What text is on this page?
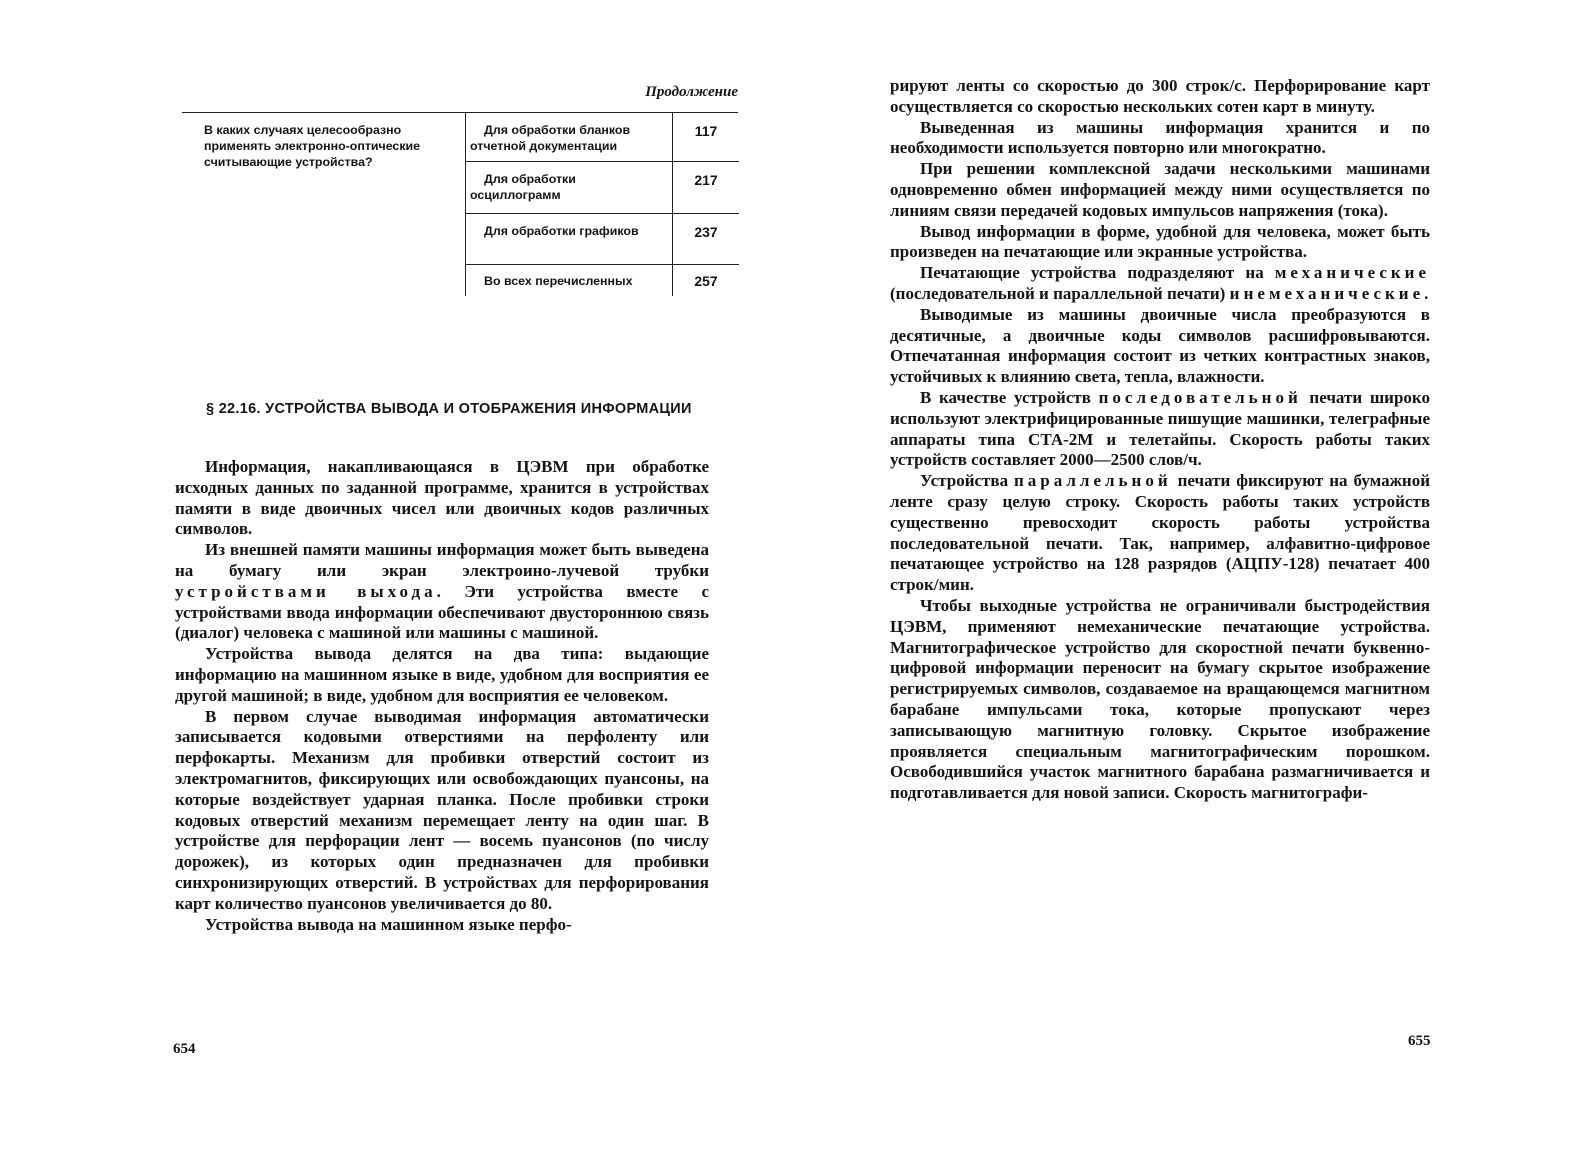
Продолжение
В каких случаях целесообразно применять электронно-оптические считывающие устройства?
Для обработки бланков отчетной документации
117
Для обработки осциллограмм
217
Для обработки графиков	237
Во всех перечисленных	257
§ 22.16. УСТРОЙСТВА ВЫВОДА И ОТОБРАЖЕНИЯ ИНФОРМАЦИИ

Информация, накапливающаяся в ЦЭВМ при обработке исходных данных по заданной программе, хранится в устройствах памяти в виде двоичных чисел или двоичных кодов различных символов.

Из внешней памяти машины информация может быть выведена на бумагу или экран электроино-лучевой трубки устройствами выхода. Эти устройства вместе с устройствами ввода информации обеспечивают двустороннюю связь (диалог) человека с машиной или машины с машиной.

Устройства вывода делятся на два типа: выдающие информацию на машинном языке в виде, удобном для восприятия ее другой машиной; в виде, удобном для восприятия ее человеком.

В первом случае выводимая информация автоматически записывается кодовыми отверстиями на перфоленту или перфокарты. Механизм для пробивки отверстий состоит из электромагнитов, фиксирующих или освобождающих пуансоны, на которые воздействует ударная планка. После пробивки строки кодовых отверстий механизм перемещает ленту на один шаг. В устройстве для перфорации лент — восемь пуансонов (по числу дорожек), из которых один предназначен для пробивки синхронизирующих отверстий. В устройствах для перфорирования карт количество пуансонов увеличивается до 80.

Устройства вывода на машинном языке перфо-

654

рируют ленты со скоростью до 300 строк/с. Перфорирование карт осуществляется со скоростью нескольких сотен карт в минуту.

Выведенная из машины информация хранится и по необходимости используется повторно или многократно.

При решении комплексной задачи несколькими машинами одновременно обмен информацией между ними осуществляется по линиям связи передачей кодовых импульсов напряжения (тока).

Вывод информации в форме, удобной для человека, может быть произведен на печатающие или экранные устройства.

Печатающие устройства подразделяют на механические (последовательной и параллельной печати) и немеханические.

Выводимые из машины двоичные числа преобразуются в десятичные, а двоичные коды символов расшифровываются. Отпечатанная информация состоит из четких контрастных знаков, устойчивых к влиянию света, тепла, влажности.

В качестве устройств последовательной печати широко используют электрифицированные пишущие машинки, телеграфные аппараты типа СТА-2М и телетайпы. Скорость работы таких устройств составляет 2000—2500 слов/ч.

Устройства параллельной печати фиксируют на бумажной ленте сразу целую строку. Скорость работы таких устройств существенно превосходит скорость работы устройства последовательной печати. Так, например, алфавитно-цифровое печатающее устройство на 128 разрядов (АЦПУ-128) печатает 400 строк/мин.

Чтобы выходные устройства не ограничивали быстродействия ЦЭВМ, применяют немеханические печатающие устройства. Магнитографическое устройство для скоростной печати буквенно-цифровой информации переносит на бумагу скрытое изображение регистрируемых символов, создаваемое на вращающемся магнитном барабане импульсами тока, которые пропускают через записывающую магнитную головку. Скрытое изображение проявляется специальным магнитографическим порошком. Освободившийся участок магнитного барабана размагничивается и подготавливается для новой записи. Скорость магнитографи-

655
